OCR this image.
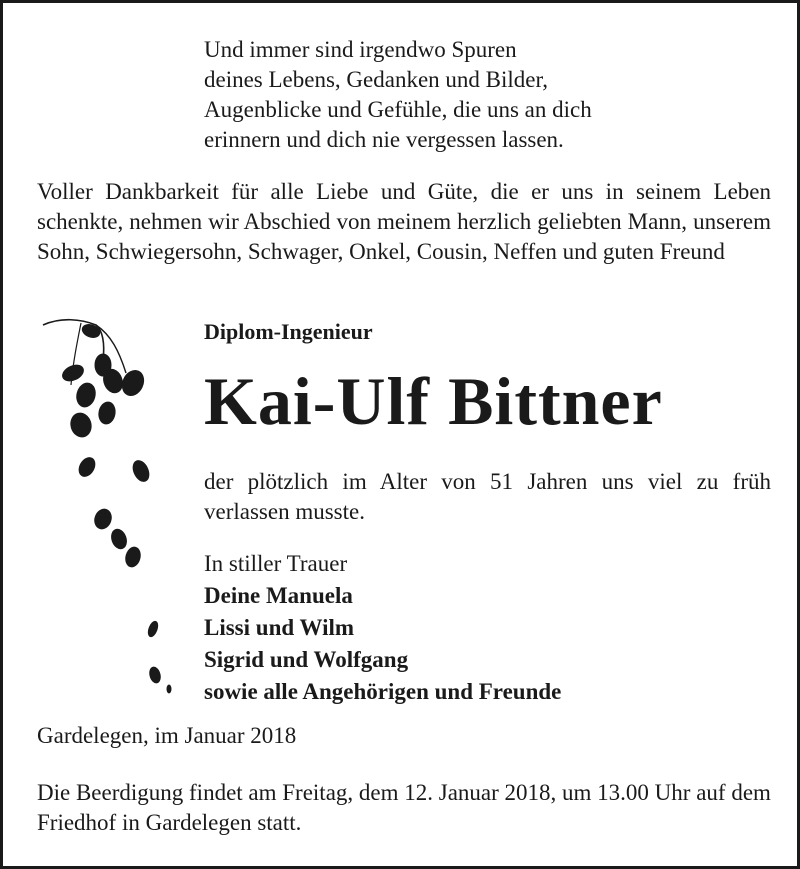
Und immer sind irgendwo Spuren
deines Lebens, Gedanken und Bilder,
Augenblicke und Gefühle, die uns an dich
erinnern und dich nie vergessen lassen.
Voller Dankbarkeit für alle Liebe und Güte, die er uns in seinem Leben schenkte, nehmen wir Abschied von meinem herzlich geliebten Mann, unserem Sohn, Schwiegersohn, Schwager, Onkel, Cousin, Neffen und guten Freund
Diplom-Ingenieur
Kai-Ulf Bittner
der plötzlich im Alter von 51 Jahren uns viel zu früh verlassen musste.
In stiller Trauer
Deine Manuela
Lissi und Wilm
Sigrid und Wolfgang
sowie alle Angehörigen und Freunde
Gardelegen, im Januar 2018
Die Beerdigung findet am Freitag, dem 12. Januar 2018, um 13.00 Uhr auf dem Friedhof in Gardelegen statt.
